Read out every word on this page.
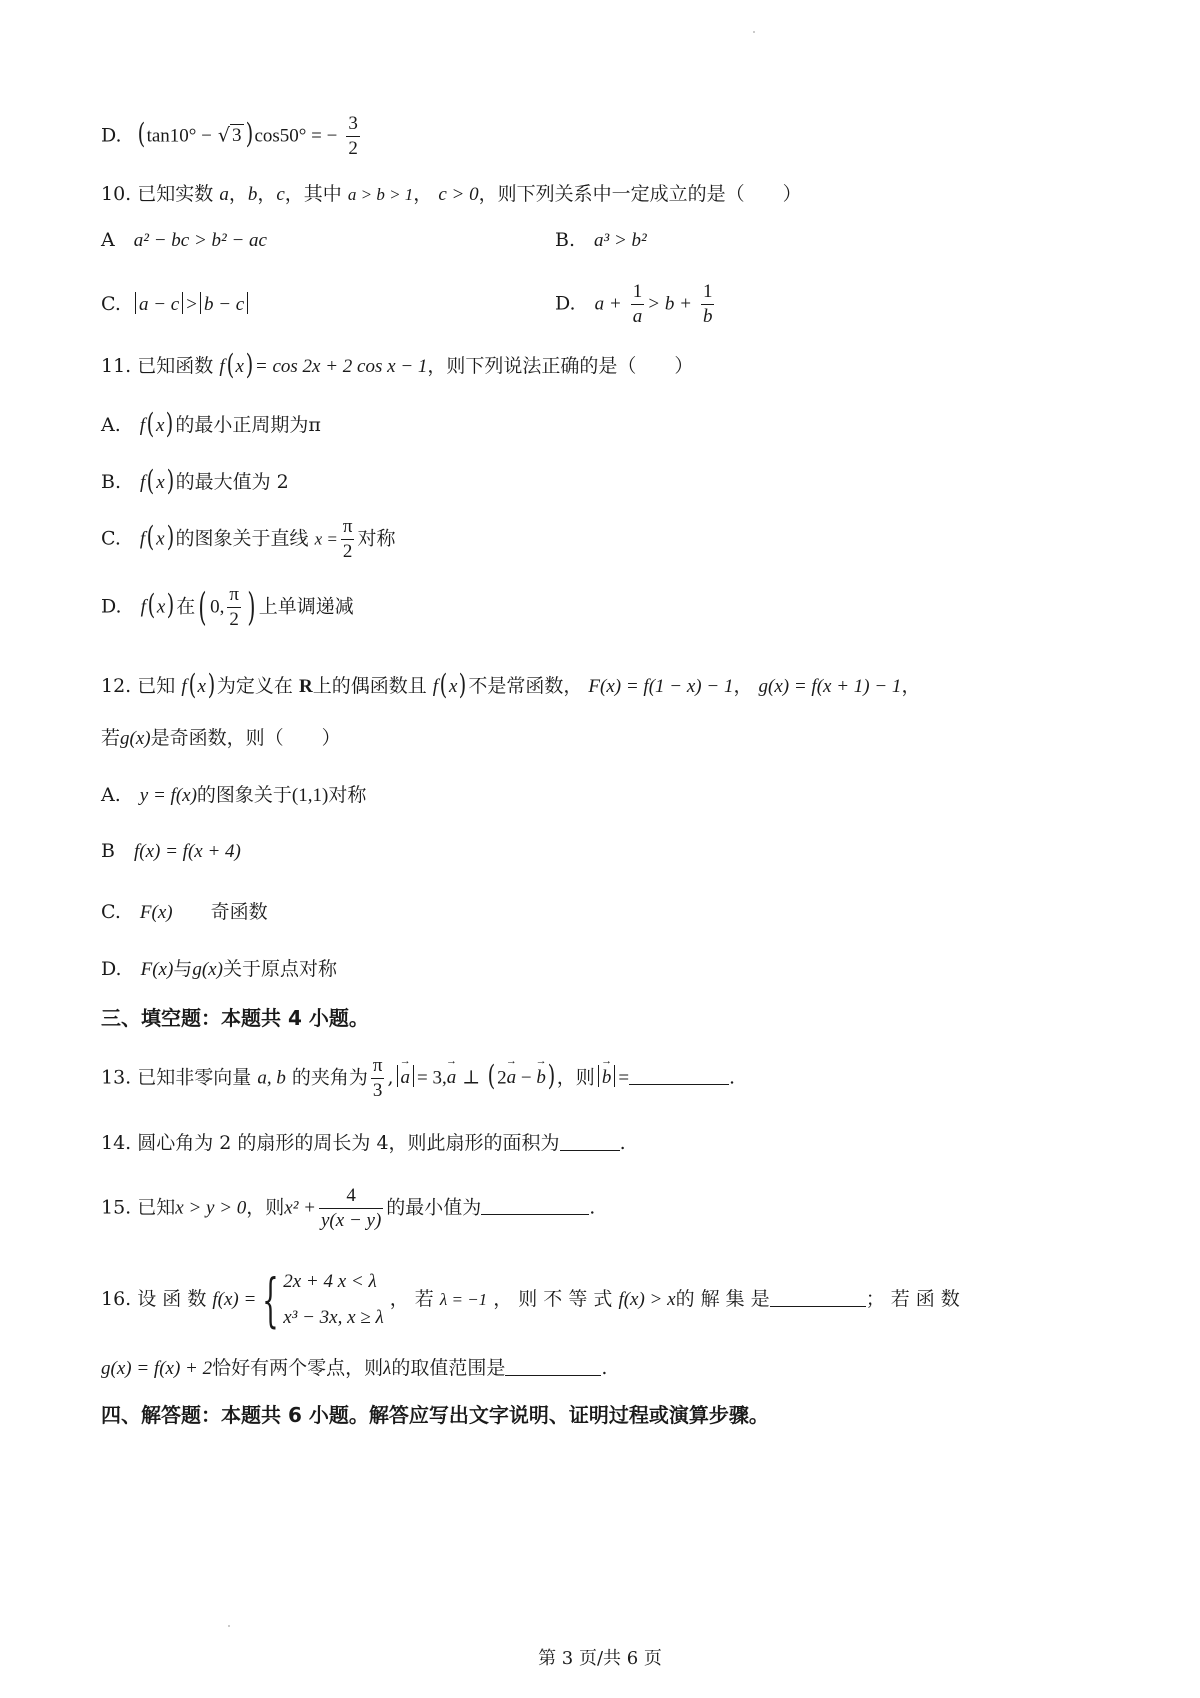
D. (tan10° − √ 3 )cos50° = − $\frac{3}{2}$
10. 已知实数 a，b，c，其中 a > b > 1， c > 0，则下列关系中一定成立的是（　　）
A　 a² − bc > b² − ac	B.　 a³ > b²
C. a − c > b − c	D.　 $a + \frac{1}{a} > b + \frac{1}{b}$
11. 已知函数 f(x)= cos 2x + 2 cos x − 1，则下列说法正确的是（　　）
A.　 f(x)的最小正周期为π
B.　 f(x)的最大值为 2
C.　 f(x)的图象关于直线 $x = \frac{\pi}{2}$ 对称
D.　 f(x)在( 0, $\frac{\pi}{2}$ ) 上单调递减
12. 已知 f(x)为定义在 R上的偶函数且 f(x)不是常函数， F(x) = f(1 − x) − 1， g(x) = f(x + 1) − 1，
若g(x)是奇函数，则（　　）
A.　 y = f(x)的图象关于(1,1)对称
B　 f(x) = f(x + 4)
C.　 F(x)　　 奇函数
D.　 F(x)与g(x)关于原点对称
三、填空题：本题共 4 小题。
13. 已知非零向量 a, b 的夹角为 $\frac{\pi}{3}$ , → a = 3,→ a ⊥ (2→ a − → b)，则 → b =	.
14. 圆心角为 2 的扇形的周长为 4，则此扇形的面积为	.
15. 已知x > y > 0，则$x^2 + \frac{4}{y(x - y)}$ 的最小值为	.
16. 设 函 数 f(x) = { 2x + 4 x < λ
x³ − 3x, x ≥ λ
， 若 λ = −1 ， 则 不 等 式 f(x) > x的 解 集 是	； 若 函 数
g(x) = f(x) + 2恰好有两个零点，则λ的取值范围是	.
四、解答题：本题共 6 小题。解答应写出文字说明、证明过程或演算步骤。
第 3 页/共 6 页
